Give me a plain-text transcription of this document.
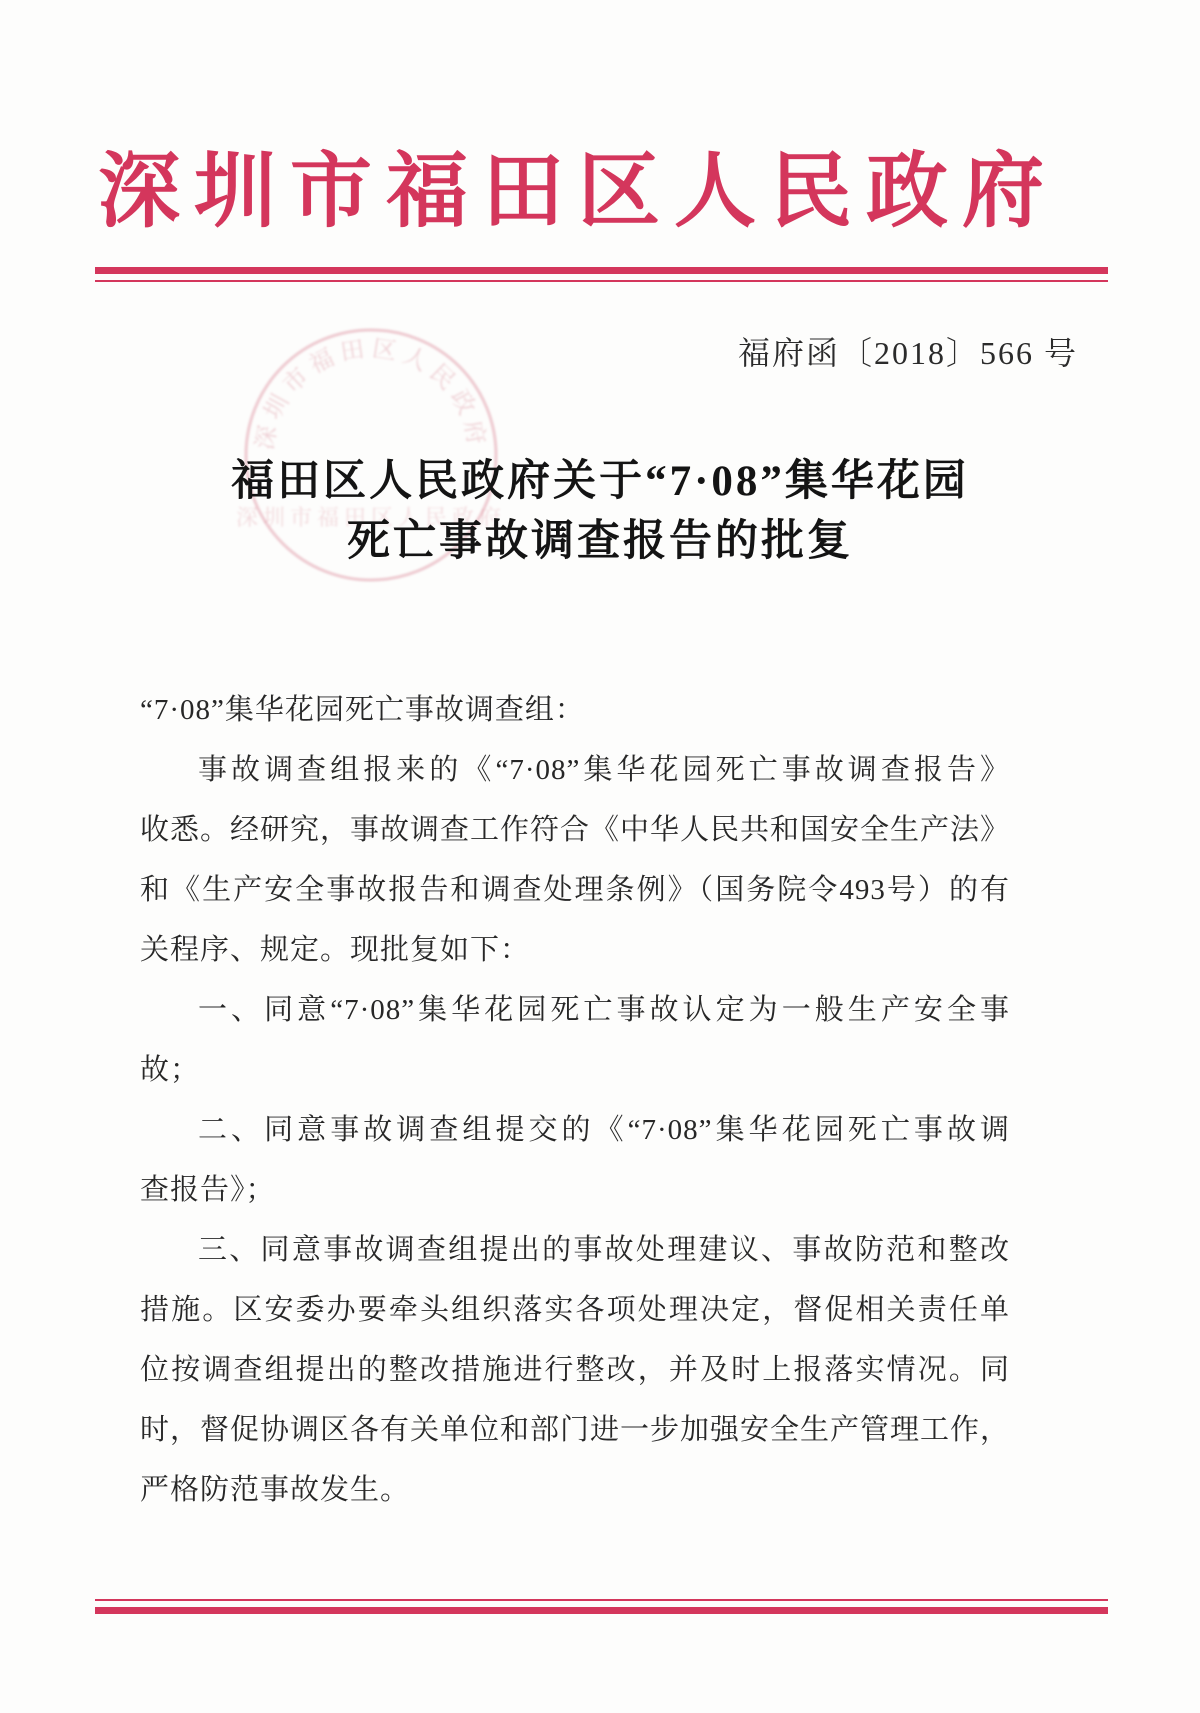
深圳市福田区人民政府
福府函〔2018〕566 号
深圳市福田区人民政府
深圳市福田区人民政府
福田区人民政府关于“7·08”集华花园
死亡事故调查报告的批复
“7·08”集华花园死亡事故调查组：
事故调查组报来的《“7·08”集华花园死亡事故调查报告》
收悉。经研究，事故调查工作符合《中华人民共和国安全生产法》
和《生产安全事故报告和调查处理条例》（国务院令493号）的有
关程序、规定。现批复如下：
一、同意“7·08”集华花园死亡事故认定为一般生产安全事
故；
二、同意事故调查组提交的《“7·08”集华花园死亡事故调
查报告》；
三、同意事故调查组提出的事故处理建议、事故防范和整改
措施。区安委办要牵头组织落实各项处理决定，督促相关责任单
位按调查组提出的整改措施进行整改，并及时上报落实情况。同
时，督促协调区各有关单位和部门进一步加强安全生产管理工作，
严格防范事故发生。
